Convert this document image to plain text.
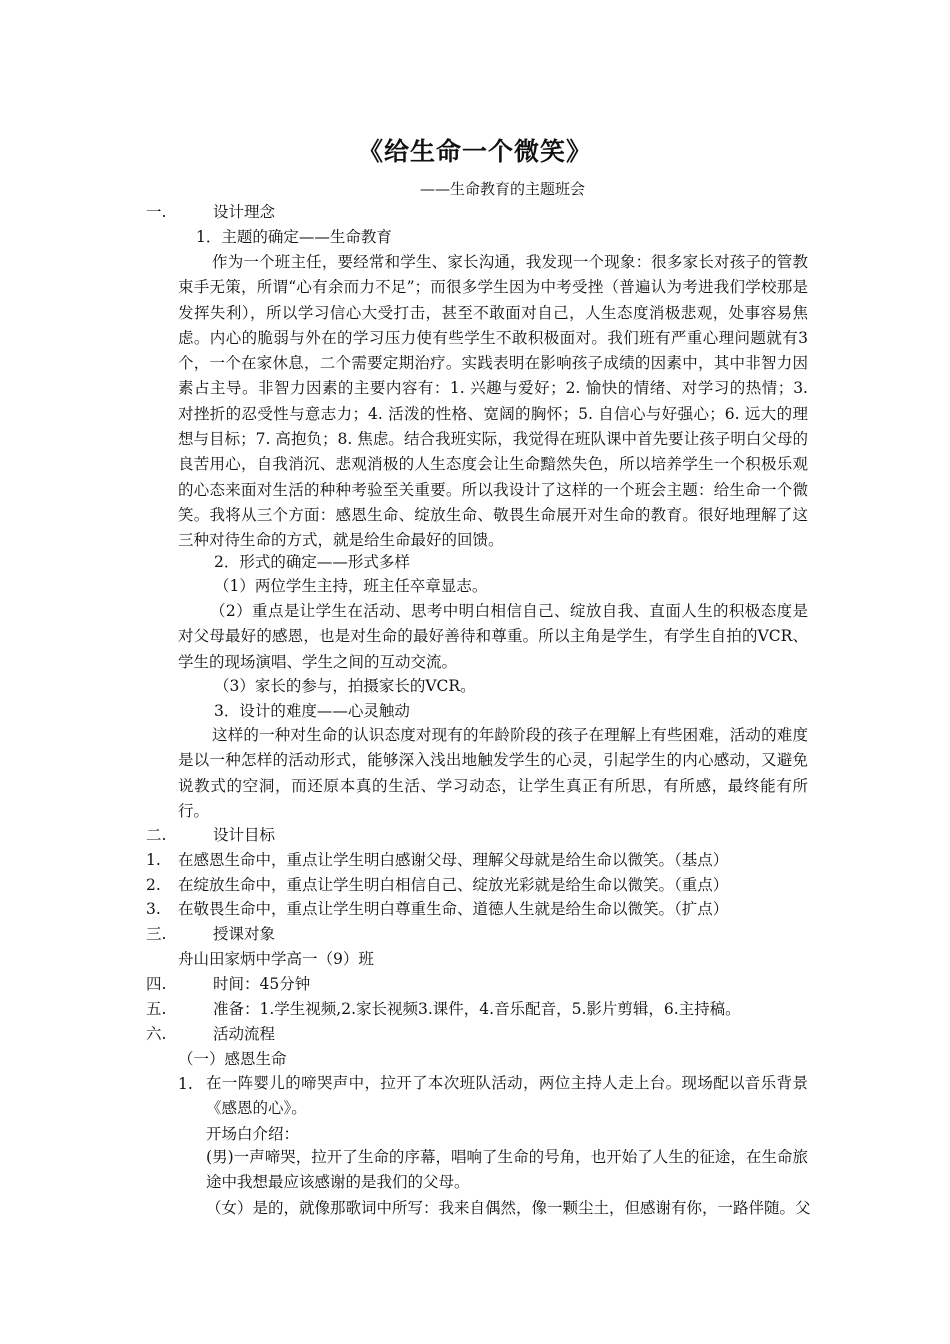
《给生命一个微笑》
——生命教育的主题班会
一.	设计理念
1．主题的确定——生命教育
作为一个班主任，要经常和学生、家长沟通，我发现一个现象：很多家长对孩子的管教束手无策，所谓“心有余而力不足”；而很多学生因为中考受挫（普遍认为考进我们学校那是发挥失利），所以学习信心大受打击，甚至不敢面对自己，人生态度消极悲观，处事容易焦虑。内心的脆弱与外在的学习压力使有些学生不敢积极面对。我们班有严重心理问题就有3个，一个在家休息，二个需要定期治疗。实践表明在影响孩子成绩的因素中，其中非智力因素占主导。非智力因素的主要内容有：1. 兴趣与爱好；2. 愉快的情绪、对学习的热情；3. 对挫折的忍受性与意志力；4. 活泼的性格、宽阔的胸怀；5. 自信心与好强心；6. 远大的理想与目标；7. 高抱负；8. 焦虑。结合我班实际，我觉得在班队课中首先要让孩子明白父母的良苦用心，自我消沉、悲观消极的人生态度会让生命黯然失色，所以培养学生一个积极乐观的心态来面对生活的种种考验至关重要。所以我设计了这样的一个班会主题：给生命一个微笑。我将从三个方面：感恩生命、绽放生命、敬畏生命展开对生命的教育。很好地理解了这三种对待生命的方式，就是给生命最好的回馈。
2．形式的确定——形式多样
（1）两位学生主持，班主任卒章显志。
（2）重点是让学生在活动、思考中明白相信自己、绽放自我、直面人生的积极态度是对父母最好的感恩，也是对生命的最好善待和尊重。所以主角是学生，有学生自拍的VCR、学生的现场演唱、学生之间的互动交流。
（3）家长的参与，拍摄家长的VCR。
3．设计的难度——心灵触动
这样的一种对生命的认识态度对现有的年龄阶段的孩子在理解上有些困难，活动的难度是以一种怎样的活动形式，能够深入浅出地触发学生的心灵，引起学生的内心感动，又避免说教式的空洞，而还原本真的生活、学习动态，让学生真正有所思，有所感，最终能有所行。
二.	设计目标
1. 在感恩生命中，重点让学生明白感谢父母、理解父母就是给生命以微笑。（基点）
2. 在绽放生命中，重点让学生明白相信自己、绽放光彩就是给生命以微笑。（重点）
3. 在敬畏生命中，重点让学生明白尊重生命、道德人生就是给生命以微笑。（扩点）
三.	授课对象
舟山田家炳中学高一（9）班
四.	时间：45分钟
五.	准备：1.学生视频,2.家长视频3.课件，4.音乐配音，5.影片剪辑，6.主持稿。
六.	活动流程
（一）感恩生命
1. 在一阵婴儿的啼哭声中，拉开了本次班队活动，两位主持人走上台。现场配以音乐背景《感恩的心》。
开场白介绍：
(男)一声啼哭，拉开了生命的序幕，唱响了生命的号角，也开始了人生的征途，在生命旅途中我想最应该感谢的是我们的父母。
（女）是的，就像那歌词中所写：我来自偶然，像一颗尘土，但感谢有你，一路伴随。父
